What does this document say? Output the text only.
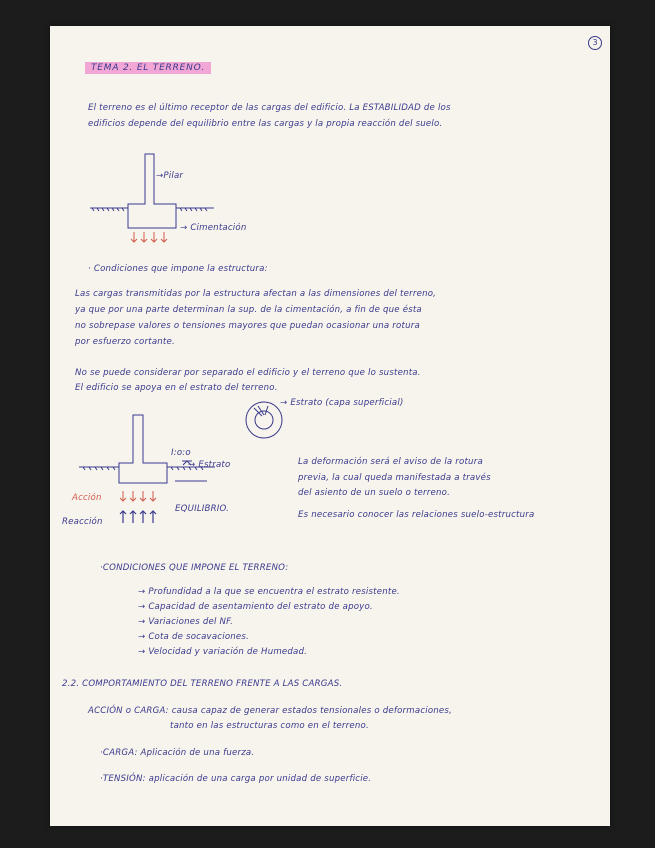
3
TEMA 2. EL TERRENO.
El terreno es el último receptor de las cargas del edificio. La ESTABILIDAD de los
edificios depende del equilibrio entre las cargas y la propia reacción del suelo.
→Pilar
→ Cimentación
· Condiciones que impone la estructura:
Las cargas transmitidas por la estructura afectan a las dimensiones del terreno,
ya que por una parte determinan la sup. de la cimentación, a fin de que ésta
no sobrepase valores o tensiones mayores que puedan ocasionar una rotura
por esfuerzo cortante.
No se puede considerar por separado el edificio y el terreno que lo sustenta.
El edificio se apoya en el estrato del terreno.
→ Estrato (capa superficial)
I:o:o
→ Estrato
Acción
EQUILIBRIO.
Reacción
La deformación será el aviso de la rotura
previa, la cual queda manifestada a través
del asiento de un suelo o terreno.
Es necesario conocer las relaciones suelo-estructura
·CONDICIONES QUE IMPONE EL TERRENO:
→ Profundidad a la que se encuentra el estrato resistente.
→ Capacidad de asentamiento del estrato de apoyo.
→ Variaciones del NF.
→ Cota de socavaciones.
→ Velocidad y variación de Humedad.
2.2. COMPORTAMIENTO DEL TERRENO FRENTE A LAS CARGAS.
ACCIÓN o CARGA: causa capaz de generar estados tensionales o deformaciones,
tanto en las estructuras como en el terreno.
·CARGA: Aplicación de una fuerza.
·TENSIÓN: aplicación de una carga por unidad de superficie.
